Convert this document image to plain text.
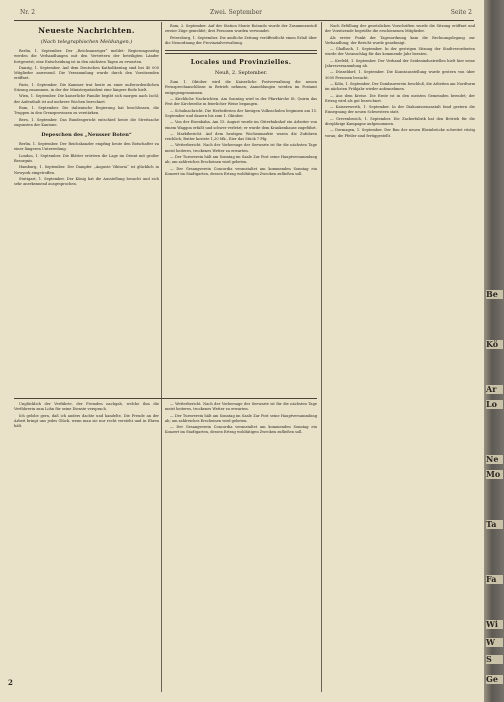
Nr. 2	Zwei. September	Seite 2
Neueste Nachrichten.
(Nach telegraphischen Meldungen.)

Berlin, 1. September. Der „Reichsanzeiger“ meldet: Regierungsseitig werden die Verhandlungen mit den Vertretern der beteiligten Länder fortgesetzt; eine Entscheidung ist in den nächsten Tagen zu erwarten.

Danzig, 1. September. Auf dem Deutschen Katholikentag sind bei 40 000 Mitglieder anwesend. Die Versammlung wurde durch den Vorsitzenden eröffnet.

Paris, 1. September. Die Kammer trat heute zu einer außerordentlichen Sitzung zusammen, in der der Ministerpräsident eine längere Rede hielt.

Wien, 1. September. Die kaiserliche Familie begibt sich morgen nach Ischl; der Aufenthalt ist auf mehrere Wochen berechnet.

Rom, 1. September. Die italienische Regierung hat beschlossen, die Truppen in den Grenzprovinzen zu verstärken.

Bern, 1. September. Das Bundesgericht entschied heute die Streitsache zugunsten der Kantone.

Depeschen des „Neusser Boten“

Berlin, 1. September. Der Reichskanzler empfing heute den Botschafter zu einer längeren Unterredung.

London, 1. September. Die Blätter erörtern die Lage im Orient mit großer Besorgnis.

Hamburg, 1. September. Der Dampfer „Auguste Viktoria“ ist glücklich in Newyork eingetroffen.

Stuttgart, 1. September. Der König hat die Ausstellung besucht und sich sehr anerkennend ausgesprochen.

Rom, 2. September. Auf der Station Monte Rotondo wurde der Zusammenstoß zweier Züge gemeldet; drei Personen wurden verwundet.

Petersburg, 1. September. Die amtliche Zeitung veröffentlicht einen Erlaß über die Neuordnung der Provinzialverwaltung.

Locales und Provinzielles.
Neuß, 2. September.

Zum 1. Oktober wird die Kaiserliche Postverwaltung die neuen Fernsprechanschlüsse in Betrieb nehmen; Anmeldungen werden im Postamt entgegengenommen.

— Kirchliche Nachrichten. Am Sonntag wird in der Pfarrkirche St. Quirin das Fest der Kirchweihe in feierlicher Weise begangen.

— Schulnachricht. Die Herbstferien der hiesigen Volksschulen beginnen am 15. September und dauern bis zum 1. Oktober.

— Von der Eisenbahn. Am 15. August wurde im Güterbahnhof ein Arbeiter von einem Waggon erfaßt und schwer verletzt; er wurde dem Krankenhause zugeführt.

— Marktbericht. Auf dem heutigen Wochenmarkte waren die Zufuhren reichlich; Butter kostete 1,20 Mk., Eier das Stück 7 Pfg.

— Wetterbericht. Nach der Vorhersage der Seewarte ist für die nächsten Tage meist heiteres, trockenes Wetter zu erwarten.

— Der Turnverein hält am Sonntag im Saale Zur Post seine Hauptversammlung ab; um zahlreiches Erscheinen wird gebeten.

— Der Gesangverein Concordia veranstaltet am kommenden Sonntag ein Konzert im Stadtgarten, dessen Ertrag wohltätigen Zwecken zufließen soll.

Nach Erfüllung der gesetzlichen Vorschriften wurde die Sitzung eröffnet und der Vorsitzende begrüßte die erschienenen Mitglieder.

Als erster Punkt der Tagesordnung kam die Rechnungslegung zur Verhandlung; der Bericht wurde genehmigt.

— Gladbach, 1. September. In der gestrigen Sitzung der Stadtverordneten wurde der Voranschlag für das kommende Jahr beraten.

— Krefeld, 1. September. Der Verband der Seidenindustriellen hielt hier seine Jahresversammlung ab.

— Düsseldorf, 1. September. Die Kunstausstellung wurde gestern von über 3000 Personen besucht.

— Köln, 1. September. Der Dombauverein beschloß, die Arbeiten am Nordturm im nächsten Frühjahr wieder aufzunehmen.

— Aus dem Kreise. Die Ernte ist in den meisten Gemeinden beendet; der Ertrag wird als gut bezeichnet.

— Kaiserswerth, 1. September. In der Diakonissenanstalt fand gestern die Einsegnung der neuen Schwestern statt.

— Grevenbroich, 1. September. Die Zuckerfabrik hat den Betrieb für die diesjährige Kampagne aufgenommen.

— Dormagen, 1. September. Der Bau der neuen Rheinbrücke schreitet rüstig voran; die Pfeiler sind fertiggestellt.

Unglücklich der Verführte, der Fremden nachgab, welche ihm die Verführerin zum Lohn für seine Dienste versprach.

Ich gelobe gern, daß ich anders dachte und handelte. Die Freude an der Arbeit bringt uns jedes Glück, wenn man sie nur recht versteht und in Ehren hält.

— Wetterbericht. Nach der Vorhersage der Seewarte ist für die nächsten Tage meist heiteres, trockenes Wetter zu erwarten.

— Der Turnverein hält am Sonntag im Saale Zur Post seine Hauptversammlung ab; um zahlreiches Erscheinen wird gebeten.

— Der Gesangverein Concordia veranstaltet am kommenden Sonntag ein Konzert im Stadtgarten, dessen Ertrag wohltätigen Zwecken zufließen soll.

2
Be
Kö
Ar
Lo
Ne
Mo
Ta
Fa
Wi
W
S
Ge
